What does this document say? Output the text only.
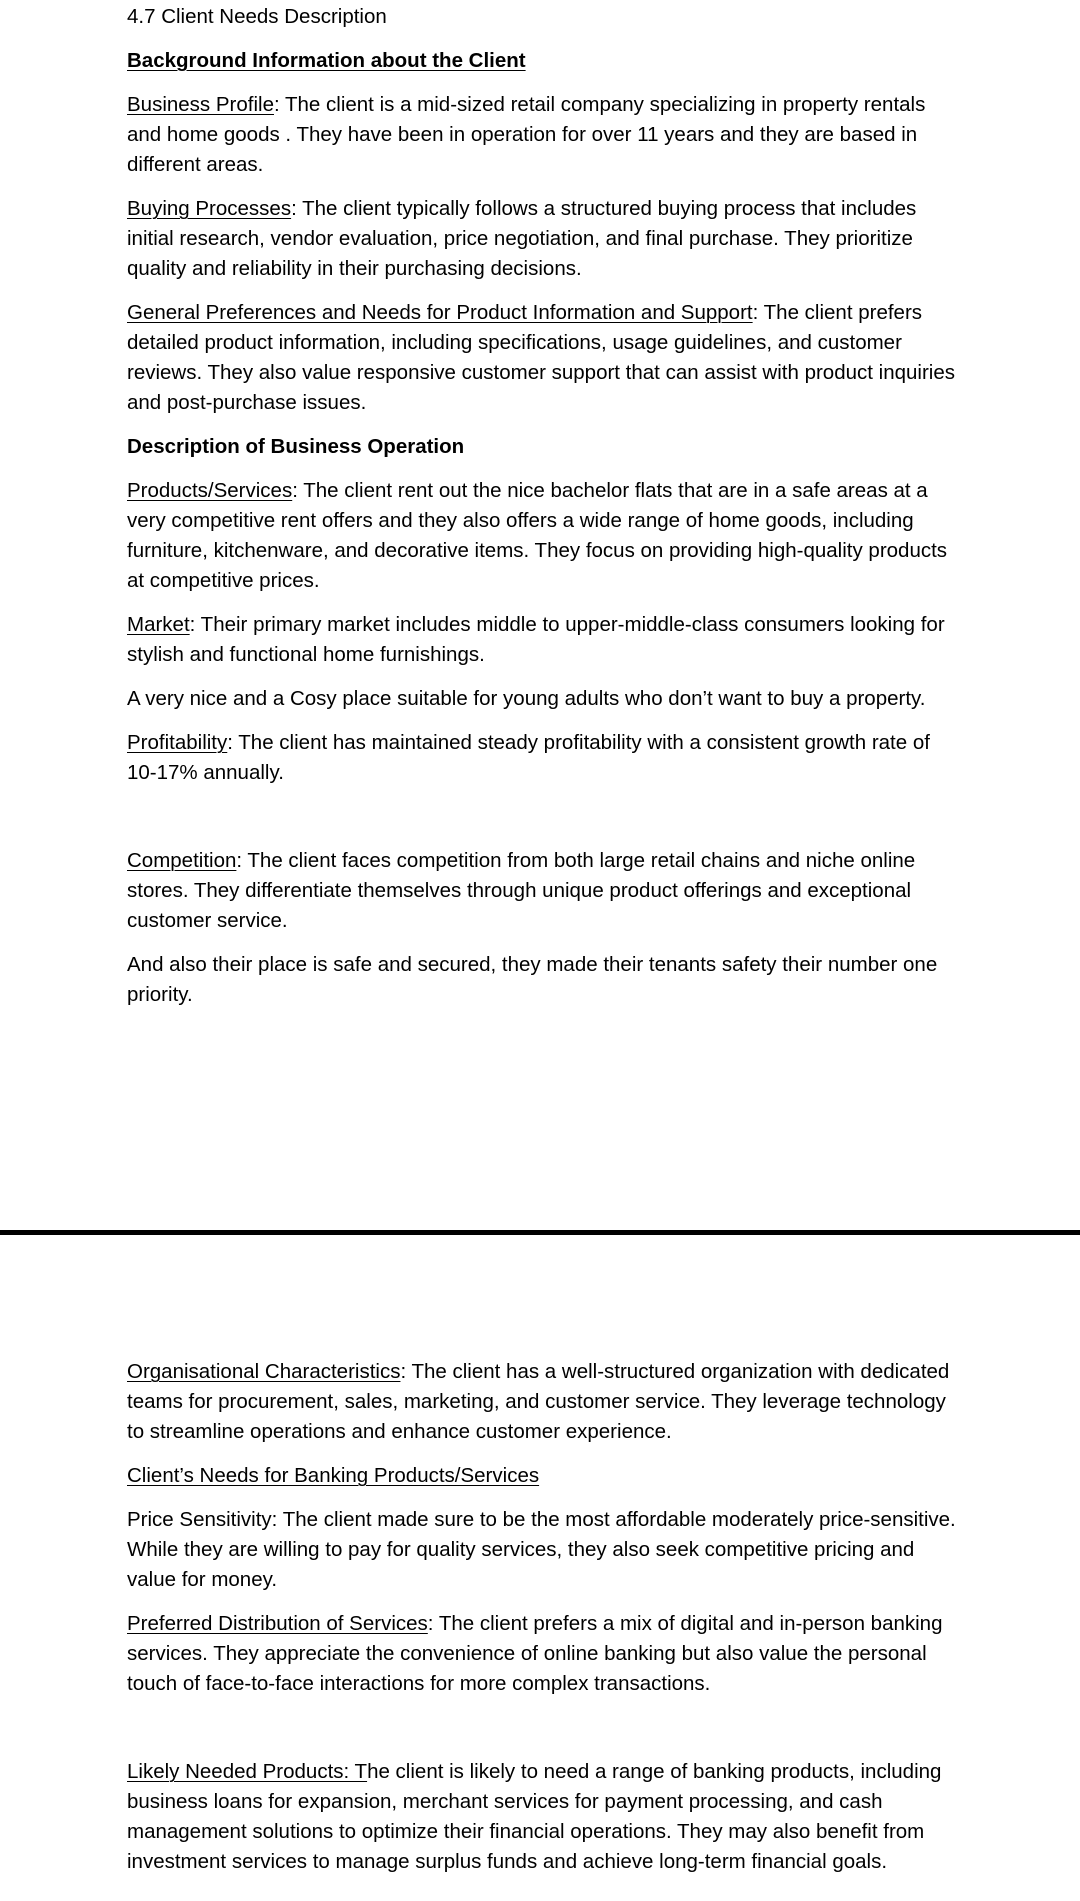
4.7 Client Needs Description

Background Information about the Client

Business Profile: The client is a mid-sized retail company specializing in property rentals and home goods . They have been in operation for over 11 years and they are based in different areas.

Buying Processes: The client typically follows a structured buying process that includes initial research, vendor evaluation, price negotiation, and final purchase. They prioritize quality and reliability in their purchasing decisions.

General Preferences and Needs for Product Information and Support: The client prefers detailed product information, including specifications, usage guidelines, and customer reviews. They also value responsive customer support that can assist with product inquiries and post-purchase issues.

Description of Business Operation

Products/Services: The client rent out the nice bachelor flats that are in a safe areas at a very competitive rent offers and they also offers a wide range of home goods, including furniture, kitchenware, and decorative items. They focus on providing high-quality products at competitive prices.

Market: Their primary market includes middle to upper-middle-class consumers looking for stylish and functional home furnishings.

A very nice and a Cosy place suitable for young adults who don’t want to buy a property.

Profitability: The client has maintained steady profitability with a consistent growth rate of 10-17% annually.

Competition: The client faces competition from both large retail chains and niche online stores. They differentiate themselves through unique product offerings and exceptional customer service.

And also their place is safe and secured, they made their tenants safety their number one priority.

Organisational Characteristics: The client has a well-structured organization with dedicated teams for procurement, sales, marketing, and customer service. They leverage technology to streamline operations and enhance customer experience.

Client’s Needs for Banking Products/Services

Price Sensitivity: The client made sure to be the most affordable moderately price-sensitive. While they are willing to pay for quality services, they also seek competitive pricing and value for money.

Preferred Distribution of Services: The client prefers a mix of digital and in-person banking services. They appreciate the convenience of online banking but also value the personal touch of face-to-face interactions for more complex transactions.

Likely Needed Products: The client is likely to need a range of banking products, including business loans for expansion, merchant services for payment processing, and cash management solutions to optimize their financial operations. They may also benefit from investment services to manage surplus funds and achieve long-term financial goals.
